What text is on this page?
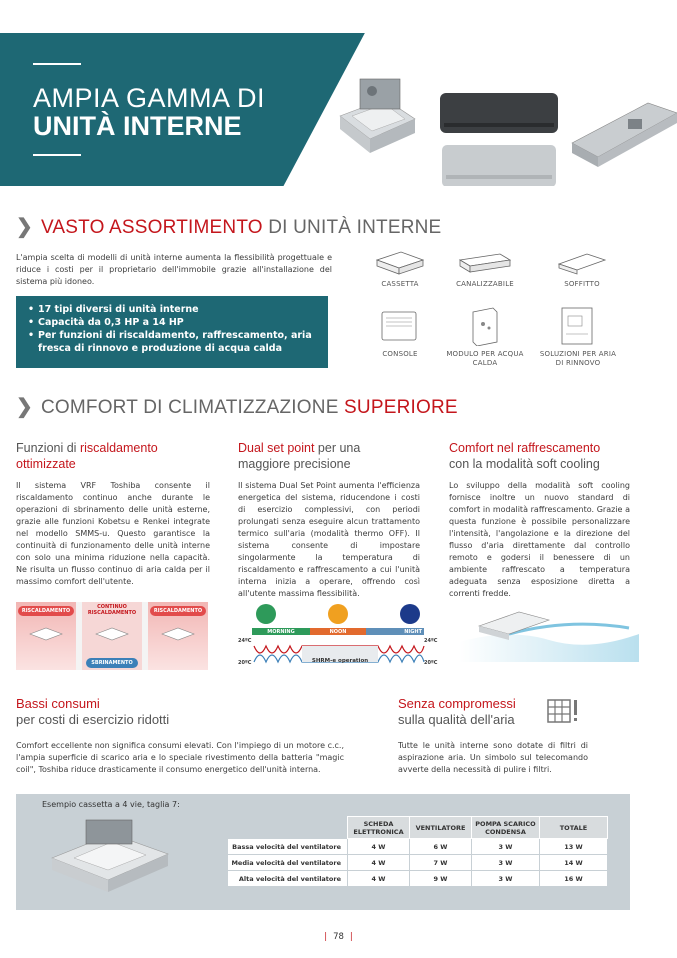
AMPIA GAMMA DI
UNITÀ INTERNE
❯ VASTO ASSORTIMENTO DI UNITÀ INTERNE
L'ampia scelta di modelli di unità interne aumenta la flessibilità progettuale e riduce i costi per il proprietario dell'immobile grazie all'installazione del sistema più idoneo.
• 17 tipi diversi di unità interne
• Capacità da 0,3 HP a 14 HP
• Per funzioni di riscaldamento, raffrescamento, aria fresca di rinnovo e produzione di acqua calda
CASSETTA	CANALIZZABILE	SOFFITTO
CONSOLE	MODULO PER ACQUA CALDA
SOLUZIONI PER ARIA DI RINNOVO
❯ COMFORT DI CLIMATIZZAZIONE SUPERIORE
Funzioni di riscaldamento
ottimizzate
Il sistema VRF Toshiba consente il riscaldamento continuo anche durante le operazioni di sbrinamento delle unità esterne, grazie alle funzioni Kobetsu e Renkei integrate nel modello SMMS-u. Questo garantisce la continuità di funzionamento delle unità interne con solo una minima riduzione nella capacità. Ne risulta un flusso continuo di aria calda per il massimo comfort dell'utente.
RISCALDAMENTO
CONTINUO
RISCALDAMENTO	RISCALDAMENTO
SBRINAMENTO
Dual set point per una
maggiore precisione
Il sistema Dual Set Point aumenta l'efficienza energetica del sistema, riducendone i costi di esercizio complessivi, con periodi prolungati senza eseguire alcun trattamento termico sull'aria (modalità thermo OFF). Il sistema consente di impostare singolarmente la temperatura di riscaldamento e raffrescamento a cui l'unità interna inizia a operare, offrendo così all'utente massima flessibilità.
MORNING	NOON	NIGHT
24ºC	24ºC
20ºC	20ºC
SHRM-e operation
Comfort nel raffrescamento
con la modalità soft cooling
Lo sviluppo della modalità soft cooling fornisce inoltre un nuovo standard di comfort in modalità raffrescamento. Grazie a questa funzione è possibile personalizzare l'intensità, l'angolazione e la direzione del flusso d'aria direttamente dal controllo remoto e godersi il benessere di un ambiente raffrescato a temperatura adeguata senza esposizione diretta a correnti fredde.
Bassi consumi
per costi di esercizio ridotti
Comfort eccellente non significa consumi elevati. Con l'impiego di un motore c.c., l'ampia superficie di scarico aria e lo speciale rivestimento della batteria "magic coil", Toshiba riduce drasticamente il consumo energetico dell'unità interna.
Senza compromessi
sulla qualità dell'aria
Tutte le unità interne sono dotate di filtri di aspirazione aria. Un simbolo sul telecomando avverte della necessità di pulire i filtri.
Esempio cassetta a 4 vie, taglia 7:
	SCHEDA ELETTRONICA	VENTILATORE	POMPA SCARICO CONDENSA	TOTALE
Bassa velocità del ventilatore	4 W	6 W	3 W	13 W
Media velocità del ventilatore	4 W	7 W	3 W	14 W
Alta velocità del ventilatore	4 W	9 W	3 W	16 W
| 78 |
